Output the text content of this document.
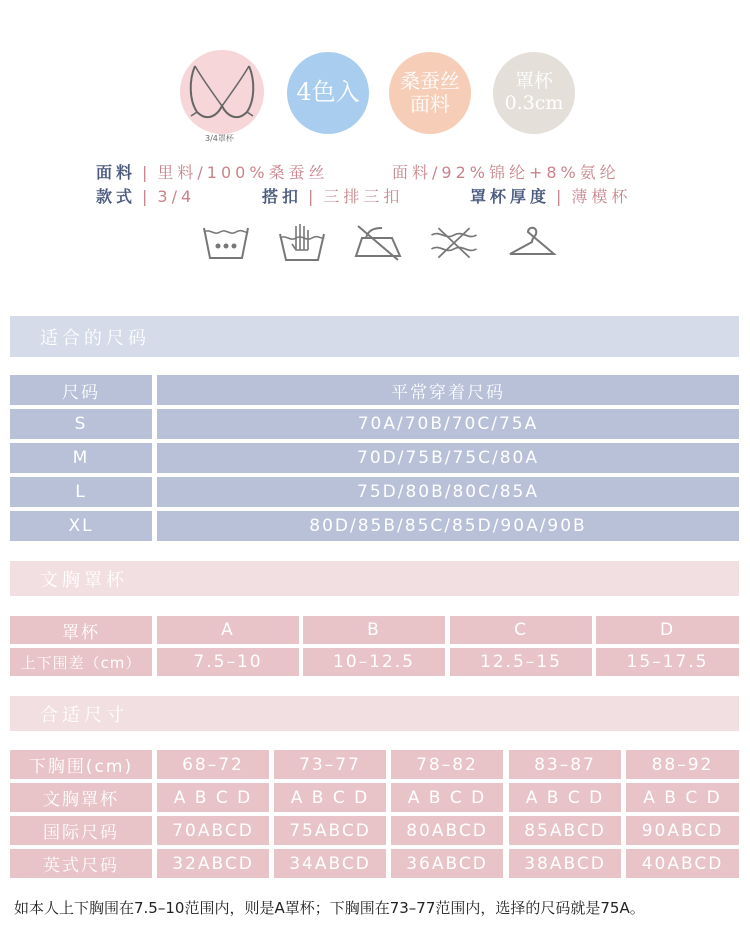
3/4罩杯
4色入 桑蚕丝
面料
罩杯
0.3cm
面料 | 里料/100%桑蚕丝	面料/92%锦纶+8%氨纶
款式 | 3/4	搭扣 | 三排三扣	罩杯厚度 | 薄模杯
适合的尺码
尺码	平常穿着尺码
S	70A/70B/70C/75A
M	70D/75B/75C/80A
L	75D/80B/80C/85A
XL	80D/85B/85C/85D/90A/90B
文胸罩杯
罩杯	A	B	C	D
上下围差（cm）	7.5–10	10–12.5	12.5–15	15–17.5
合适尺寸
下胸围(cm)	68–72	73–77	78–82	83–87	88–92
文胸罩杯	A B C D	A B C D	A B C D	A B C D	A B C D
国际尺码	70ABCD	75ABCD	80ABCD	85ABCD	90ABCD
英式尺码	32ABCD	34ABCD	36ABCD	38ABCD	40ABCD
如本人上下胸围在7.5–10范围内，则是A罩杯；下胸围在73–77范围内，选择的尺码就是75A。
